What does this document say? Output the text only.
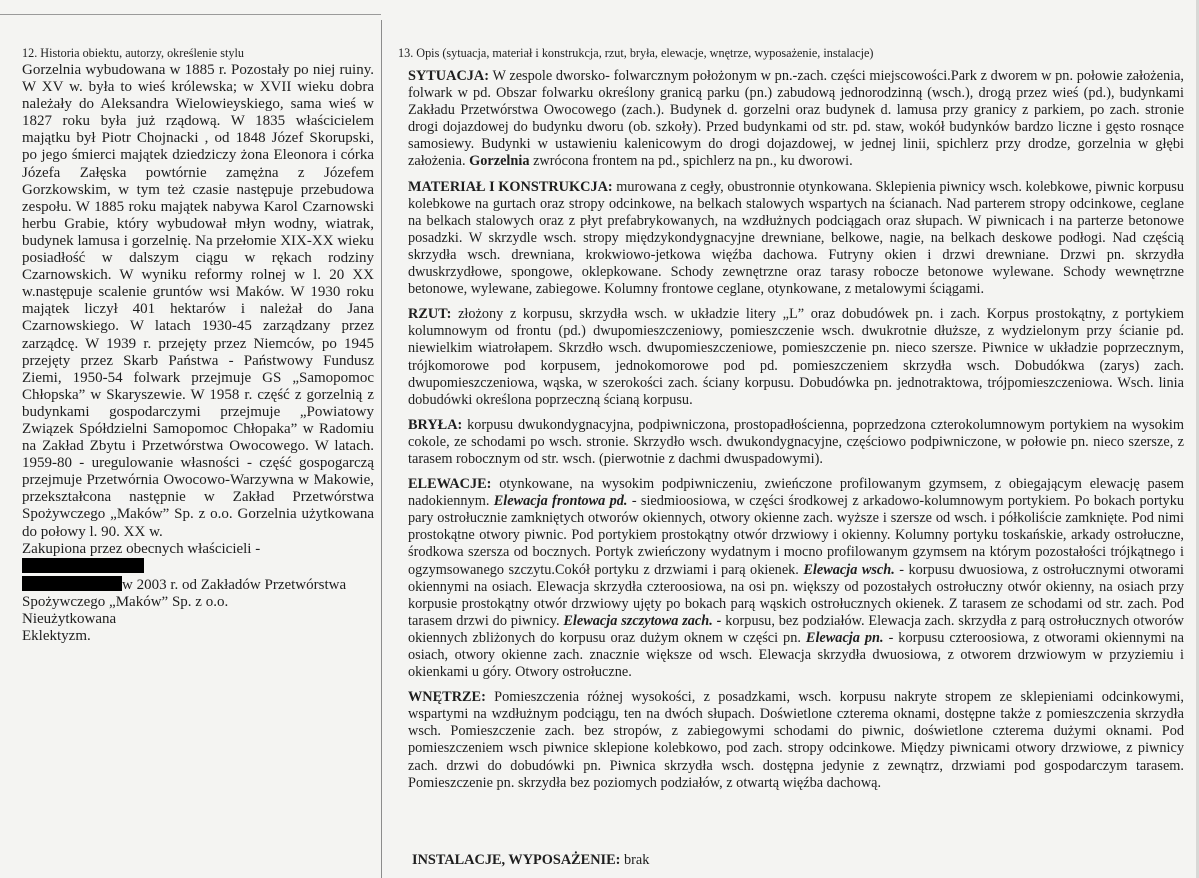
12. Historia obiektu, autorzy, określenie stylu

Gorzelnia wybudowana w 1885 r. Pozostały po niej ruiny. W XV w. była to wieś królewska; w XVII wieku dobra należały do Aleksandra Wielowieyskiego, sama wieś w 1827 roku była już rządową. W 1835 właścicielem majątku był Piotr Chojnacki , od 1848 Józef Skorupski, po jego śmierci majątek dziedziczy żona Eleonora i córka Józefa Załęska powtórnie zamężna z Józefem Gorzkowskim, w tym też czasie następuje przebudowa zespołu. W 1885 roku majątek nabywa Karol Czarnowski herbu Grabie, który wybudował młyn wodny, wiatrak, budynek lamusa i gorzelnię. Na przełomie XIX-XX wieku posiadłość w dalszym ciągu w rękach rodziny Czarnowskich. W wyniku reformy rolnej w l. 20 XX w.następuje scalenie gruntów wsi Maków. W 1930 roku majątek liczył 401 hektarów i należał do Jana Czarnowskiego. W latach 1930-45 zarządzany przez zarządcę. W 1939 r. przejęty przez Niemców, po 1945 przejęty przez Skarb Państwa - Państwowy Fundusz Ziemi, 1950-54 folwark przejmuje GS „Samopomoc Chłopska” w Skaryszewie. W 1958 r. część z gorzelnią z budynkami gospodarczymi przejmuje „Powiatowy Związek Spółdzielni Samopomoc Chłopaka” w Radomiu na Zakład Zbytu i Przetwórstwa Owocowego. W latach. 1959-80 - uregulowanie własności - część gospogarczą przejmuje Przetwórnia Owocowo-Warzywna w Makowie, przekształcona następnie w Zakład Przetwórstwa Spożywczego „Maków” Sp. z o.o. Gorzelnia użytkowana do połowy l. 90. XX w.

Zakupiona przez obecnych właścicieli -

w 2003 r. od Zakładów Przetwórstwa

Spożywczego „Maków” Sp. z o.o.

Nieużytkowana

Eklektyzm.

13. Opis (sytuacja, materiał i konstrukcja, rzut, bryła, elewacje, wnętrze, wyposażenie, instalacje)

SYTUACJA: W zespole dworsko- folwarcznym położonym w pn.-zach. części miejscowości.Park z dworem w pn. połowie założenia, folwark w pd. Obszar folwarku określony granicą parku (pn.) zabudową jednorodzinną (wsch.), drogą przez wieś (pd.), budynkami Zakładu Przetwórstwa Owocowego (zach.). Budynek d. gorzelni oraz budynek d. lamusa przy granicy z parkiem, po zach. stronie drogi dojazdowej do budynku dworu (ob. szkoły). Przed budynkami od str. pd. staw, wokół budynków bardzo liczne i gęsto rosnące samosiewy. Budynki w ustawieniu kalenicowym do drogi dojazdowej, w jednej linii, spichlerz przy drodze, gorzelnia w głębi założenia. Gorzelnia zwrócona frontem na pd., spichlerz na pn., ku dworowi.

MATERIAŁ I KONSTRUKCJA: murowana z cegły, obustronnie otynkowana. Sklepienia piwnicy wsch. kolebkowe, piwnic korpusu kolebkowe na gurtach oraz stropy odcinkowe, na belkach stalowych wspartych na ścianach. Nad parterem stropy odcinkowe, ceglane na belkach stalowych oraz z płyt prefabrykowanych, na wzdłużnych podciągach oraz słupach. W piwnicach i na parterze betonowe posadzki. W skrzydle wsch. stropy międzykondygnacyjne drewniane, belkowe, nagie, na belkach deskowe podłogi. Nad częścią skrzydła wsch. drewniana, krokwiowo-jetkowa więźba dachowa. Futryny okien i drzwi drewniane. Drzwi pn. skrzydła dwuskrzydłowe, spongowe, oklepkowane. Schody zewnętrzne oraz tarasy robocze betonowe wylewane. Schody wewnętrzne betonowe, wylewane, zabiegowe. Kolumny frontowe ceglane, otynkowane, z metalowymi ściągami.

RZUT: złożony z korpusu, skrzydła wsch. w układzie litery „L” oraz dobudówek pn. i zach. Korpus prostokątny, z portykiem kolumnowym od frontu (pd.) dwupomieszczeniowy, pomieszczenie wsch. dwukrotnie dłuższe, z wydzielonym przy ścianie pd. niewielkim wiatrołapem. Skrzdło wsch. dwupomieszczeniowe, pomieszczenie pn. nieco szersze. Piwnice w układzie poprzecznym, trójkomorowe pod korpusem, jednokomorowe pod pd. pomieszczeniem skrzydła wsch. Dobudókwa (zarys) zach. dwupomieszczeniowa, wąska, w szerokości zach. ściany korpusu. Dobudówka pn. jednotraktowa, trójpomieszczeniowa. Wsch. linia dobudówki określona poprzeczną ścianą korpusu.

BRYŁA: korpusu dwukondygnacyjna, podpiwniczona, prostopadłościenna, poprzedzona czterokolumnowym portykiem na wysokim cokole, ze schodami po wsch. stronie. Skrzydło wsch. dwukondygnacyjne, częściowo podpiwniczone, w połowie pn. nieco szersze, z tarasem robocznym od str. wsch. (pierwotnie z dachmi dwuspadowymi).

ELEWACJE: otynkowane, na wysokim podpiwniczeniu, zwieńczone profilowanym gzymsem, z obiegającym elewację pasem nadokiennym. Elewacja frontowa pd. - siedmioosiowa, w części środkowej z arkadowo-kolumnowym portykiem. Po bokach portyku pary ostrołucznie zamkniętych otworów okiennych, otwory okienne zach. wyższe i szersze od wsch. i półkoliście zamknięte. Pod nimi prostokątne otwory piwnic. Pod portykiem prostokątny otwór drzwiowy i okienny. Kolumny portyku toskańskie, arkady ostrołuczne, środkowa szersza od bocznych. Portyk zwieńczony wydatnym i mocno profilowanym gzymsem na którym pozostałości trójkątnego i ogzymsowanego szczytu.Cokół portyku z drzwiami i parą okienek. Elewacja wsch. - korpusu dwuosiowa, z ostrołucznymi otworami okiennymi na osiach. Elewacja skrzydła czteroosiowa, na osi pn. większy od pozostałych ostrołuczny otwór okienny, na osiach przy korpusie prostokątny otwór drzwiowy ujęty po bokach parą wąskich ostrołucznych okienek. Z tarasem ze schodami od str. zach. Pod tarasem drzwi do piwnicy. Elewacja szczytowa zach. - korpusu, bez podziałów. Elewacja zach. skrzydła z parą ostrołucznych otworów okiennych zbliżonych do korpusu oraz dużym oknem w części pn. Elewacja pn. - korpusu czteroosiowa, z otworami okiennymi na osiach, otwory okienne zach. znacznie większe od wsch. Elewacja skrzydła dwuosiowa, z otworem drzwiowym w przyziemiu i okienkami u góry. Otwory ostrołuczne.

WNĘTRZE: Pomieszczenia różnej wysokości, z posadzkami, wsch. korpusu nakryte stropem ze sklepieniami odcinkowymi, wspartymi na wzdłużnym podciągu, ten na dwóch słupach. Doświetlone czterema oknami, dostępne także z pomieszczenia skrzydła wsch. Pomieszczenie zach. bez stropów, z zabiegowymi schodami do piwnic, doświetlone czterema dużymi oknami. Pod pomieszczeniem wsch piwnice sklepione kolebkowo, pod zach. stropy odcinkowe. Między piwnicami otwory drzwiowe, z piwnicy zach. drzwi do dobudówki pn. Piwnica skrzydła wsch. dostępna jedynie z zewnątrz, drzwiami pod gospodarczym tarasem. Pomieszczenie pn. skrzydła bez poziomych podziałów, z otwartą więźba dachową.

INSTALACJE, WYPOSAŻENIE: brak
